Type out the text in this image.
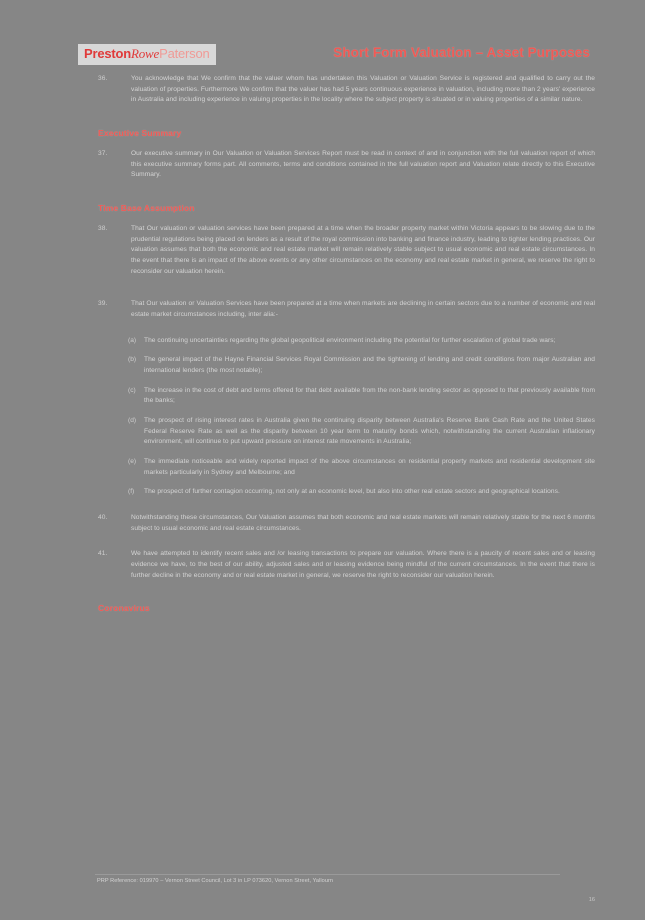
PrestonRowePaterson	Short Form Valuation – Asset Purposes
36.	You acknowledge that We confirm that the valuer whom has undertaken this Valuation or Valuation Service is registered and qualified to carry out the valuation of properties. Furthermore We confirm that the valuer has had 5 years continuous experience in valuation, including more than 2 years' experience in Australia and including experience in valuing properties in the locality where the subject property is situated or in valuing properties of a similar nature.
Executive Summary
37.	Our executive summary in Our Valuation or Valuation Services Report must be read in context of and in conjunction with the full valuation report of which this executive summary forms part. All comments, terms and conditions contained in the full valuation report and Valuation relate directly to this Executive Summary.
Time Base Assumption
38.	That Our valuation or valuation services have been prepared at a time when the broader property market within Victoria appears to be slowing due to the prudential regulations being placed on lenders as a result of the royal commission into banking and finance industry, leading to tighter lending practices. Our valuation assumes that both the economic and real estate market will remain relatively stable subject to usual economic and real estate circumstances. In the event that there is an impact of the above events or any other circumstances on the economy and real estate market in general, we reserve the right to reconsider our valuation herein.
39.	That Our valuation or Valuation Services have been prepared at a time when markets are declining in certain sectors due to a number of economic and real estate market circumstances including, inter alia:-
(a)	The continuing uncertainties regarding the global geopolitical environment including the potential for further escalation of global trade wars;
(b)	The general impact of the Hayne Financial Services Royal Commission and the tightening of lending and credit conditions from major Australian and international lenders (the most notable);
(c)	The increase in the cost of debt and terms offered for that debt available from the non-bank lending sector as opposed to that previously available from the banks;
(d)	The prospect of rising interest rates in Australia given the continuing disparity between Australia's Reserve Bank Cash Rate and the United States Federal Reserve Rate as well as the disparity between 10 year term to maturity bonds which, notwithstanding the current Australian inflationary environment, will continue to put upward pressure on interest rate movements in Australia;
(e)	The immediate noticeable and widely reported impact of the above circumstances on residential property markets and residential development site markets particularly in Sydney and Melbourne; and
(f)	The prospect of further contagion occurring, not only at an economic level, but also into other real estate sectors and geographical locations.
40.	Notwithstanding these circumstances, Our Valuation assumes that both economic and real estate markets will remain relatively stable for the next 6 months subject to usual economic and real estate circumstances.
41.	We have attempted to identify recent sales and /or leasing transactions to prepare our valuation. Where there is a paucity of recent sales and or leasing evidence we have, to the best of our ability, adjusted sales and or leasing evidence being mindful of the current circumstances. In the event that there is further decline in the economy and or real estate market in general, we reserve the right to reconsider our valuation herein.
Coronavirus
PRP Reference: 019970 – Vernon Street Council, Lot 3 in LP 073620, Vernon Street, Yallourn
16
